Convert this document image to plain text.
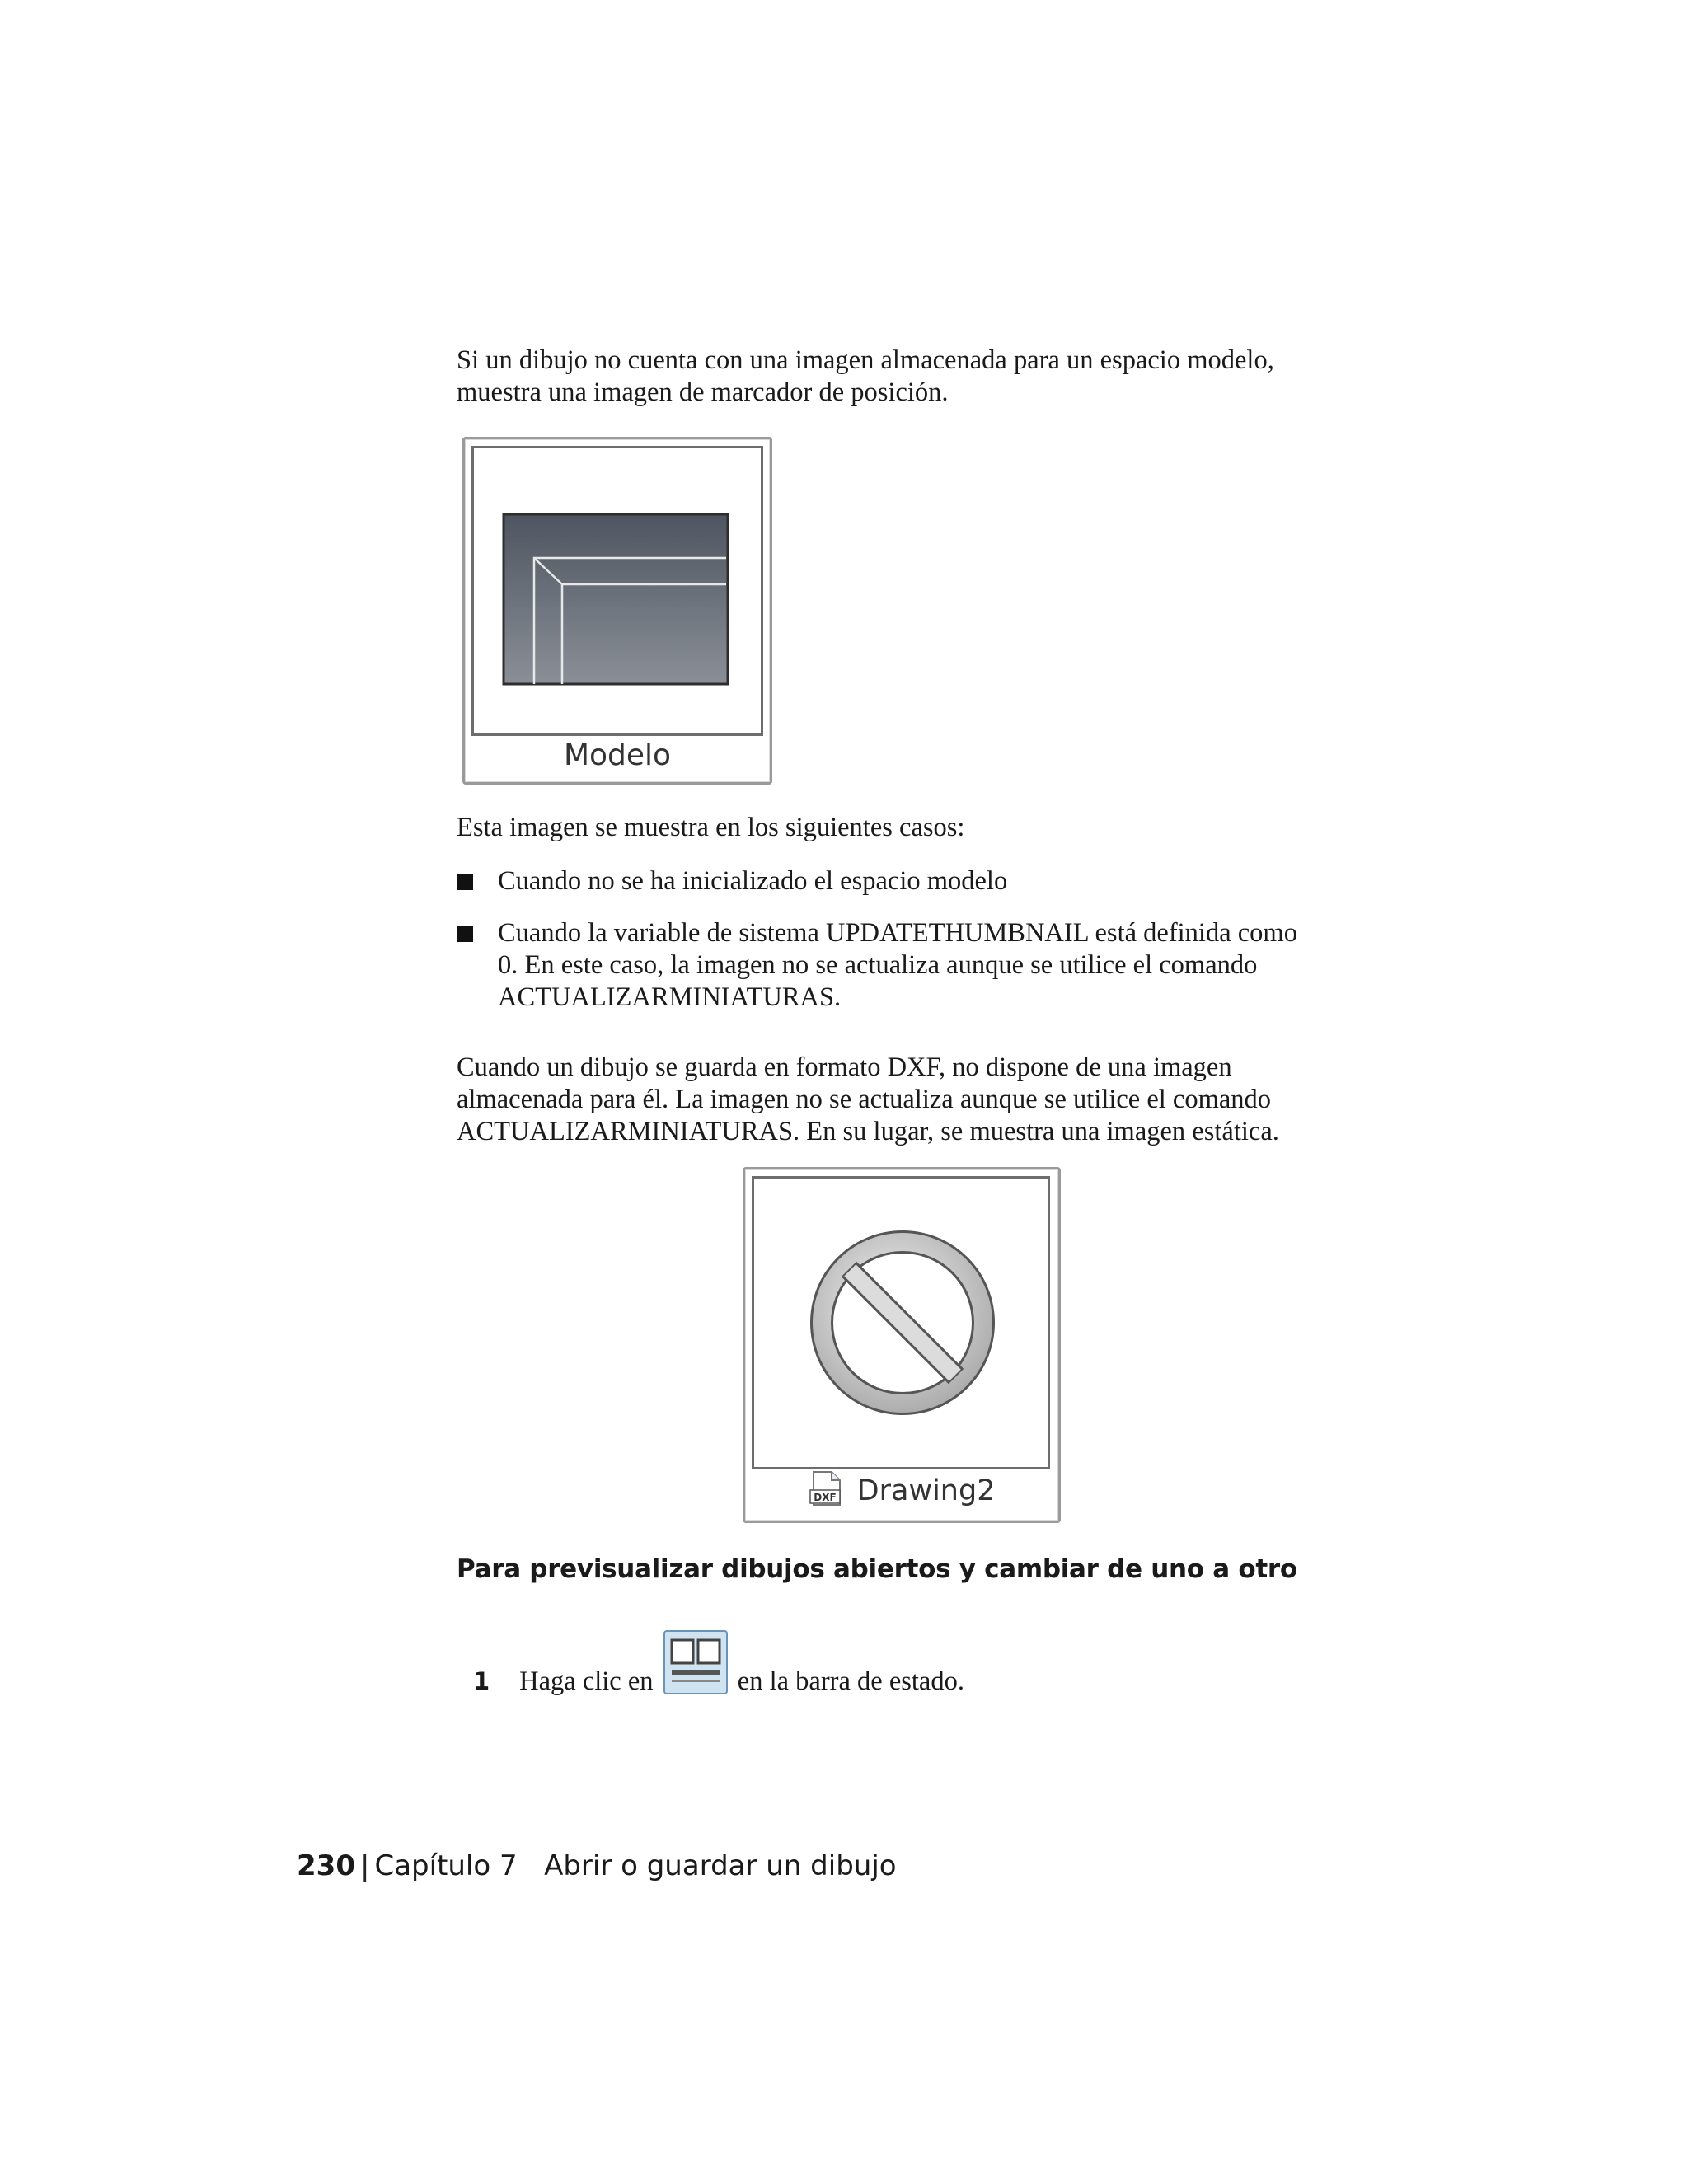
Si un dibujo no cuenta con una imagen almacenada para un espacio modelo,
muestra una imagen de marcador de posición.

Modelo

Esta imagen se muestra en los siguientes casos:

Cuando no se ha inicializado el espacio modelo
Cuando la variable de sistema UPDATETHUMBNAIL está definida como
0. En este caso, la imagen no se actualiza aunque se utilice el comando
ACTUALIZARMINIATURAS.

Cuando un dibujo se guarda en formato DXF, no dispone de una imagen
almacenada para él. La imagen no se actualiza aunque se utilice el comando
ACTUALIZARMINIATURAS. En su lugar, se muestra una imagen estática.

DXF Drawing2
Para previsualizar dibujos abiertos y cambiar de uno a otro
1 Haga clic en	en la barra de estado.
230 | Capítulo 7 Abrir o guardar un dibujo
